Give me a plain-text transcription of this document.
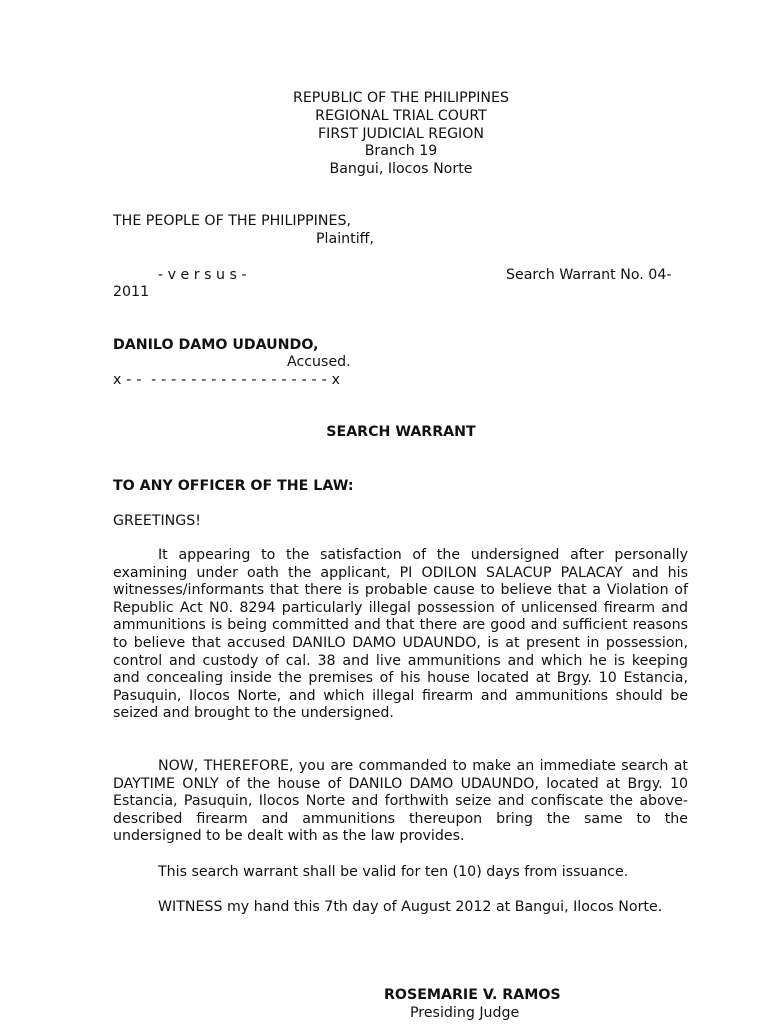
REPUBLIC OF THE PHILIPPINES
REGIONAL TRIAL COURT
FIRST JUDICIAL REGION
Branch 19
Bangui, Ilocos Norte
THE PEOPLE OF THE PHILIPPINES,
Plaintiff,
- v e r s u s -	Search Warrant No. 04-
2011
DANILO DAMO UDAUNDO,
Accused.
x - -  - - - - - - - - - - - - - - - - - - x
SEARCH WARRANT
TO ANY OFFICER OF THE LAW:
GREETINGS!

It appearing to the satisfaction of the undersigned after personally examining under oath the applicant, PI ODILON SALACUP PALACAY and his witnesses/informants that there is probable cause to believe that a Violation of Republic Act N0. 8294 particularly illegal possession of unlicensed firearm and ammunitions is being committed and that there are good and sufficient reasons to believe that accused DANILO DAMO UDAUNDO, is at present in possession, control and custody of cal. 38 and live ammunitions and which he is keeping and concealing inside the premises of his house located at Brgy. 10 Estancia, Pasuquin, Ilocos Norte, and which illegal firearm and ammunitions should be seized and brought to the undersigned.

NOW, THEREFORE, you are commanded to make an immediate search at DAYTIME ONLY of the house of DANILO DAMO UDAUNDO, located at Brgy. 10 Estancia, Pasuquin, Ilocos Norte and forthwith seize and confiscate the above-described firearm and ammunitions thereupon bring the same to the undersigned to be dealt with as the law provides.

This search warrant shall be valid for ten (10) days from issuance.

WITNESS my hand this 7th day of August 2012 at Bangui, Ilocos Norte.

ROSEMARIE V. RAMOS
Presiding Judge
